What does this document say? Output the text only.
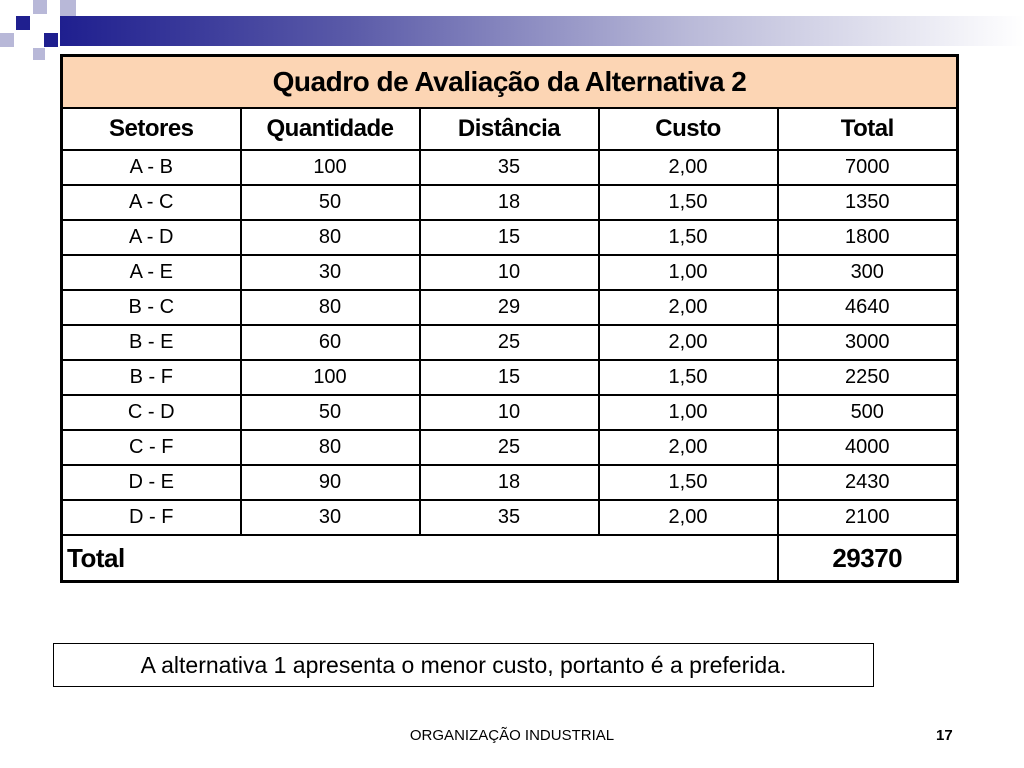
Quadro de Avaliação da Alternativa 2				
Setores	Quantidade	Distância	Custo	Total
A - B	100	35	2,00	7000
A - C	50	18	1,50	1350
A - D	80	15	1,50	1800
A - E	30	10	1,00	300
B - C	80	29	2,00	4640
B - E	60	25	2,00	3000
B - F	100	15	1,50	2250
C - D	50	10	1,00	500
C - F	80	25	2,00	4000
D - E	90	18	1,50	2430
D - F	30	35	2,00	2100
Total				29370
A alternativa 1 apresenta o menor custo, portanto é a preferida.
ORGANIZAÇÃO INDUSTRIAL	17
